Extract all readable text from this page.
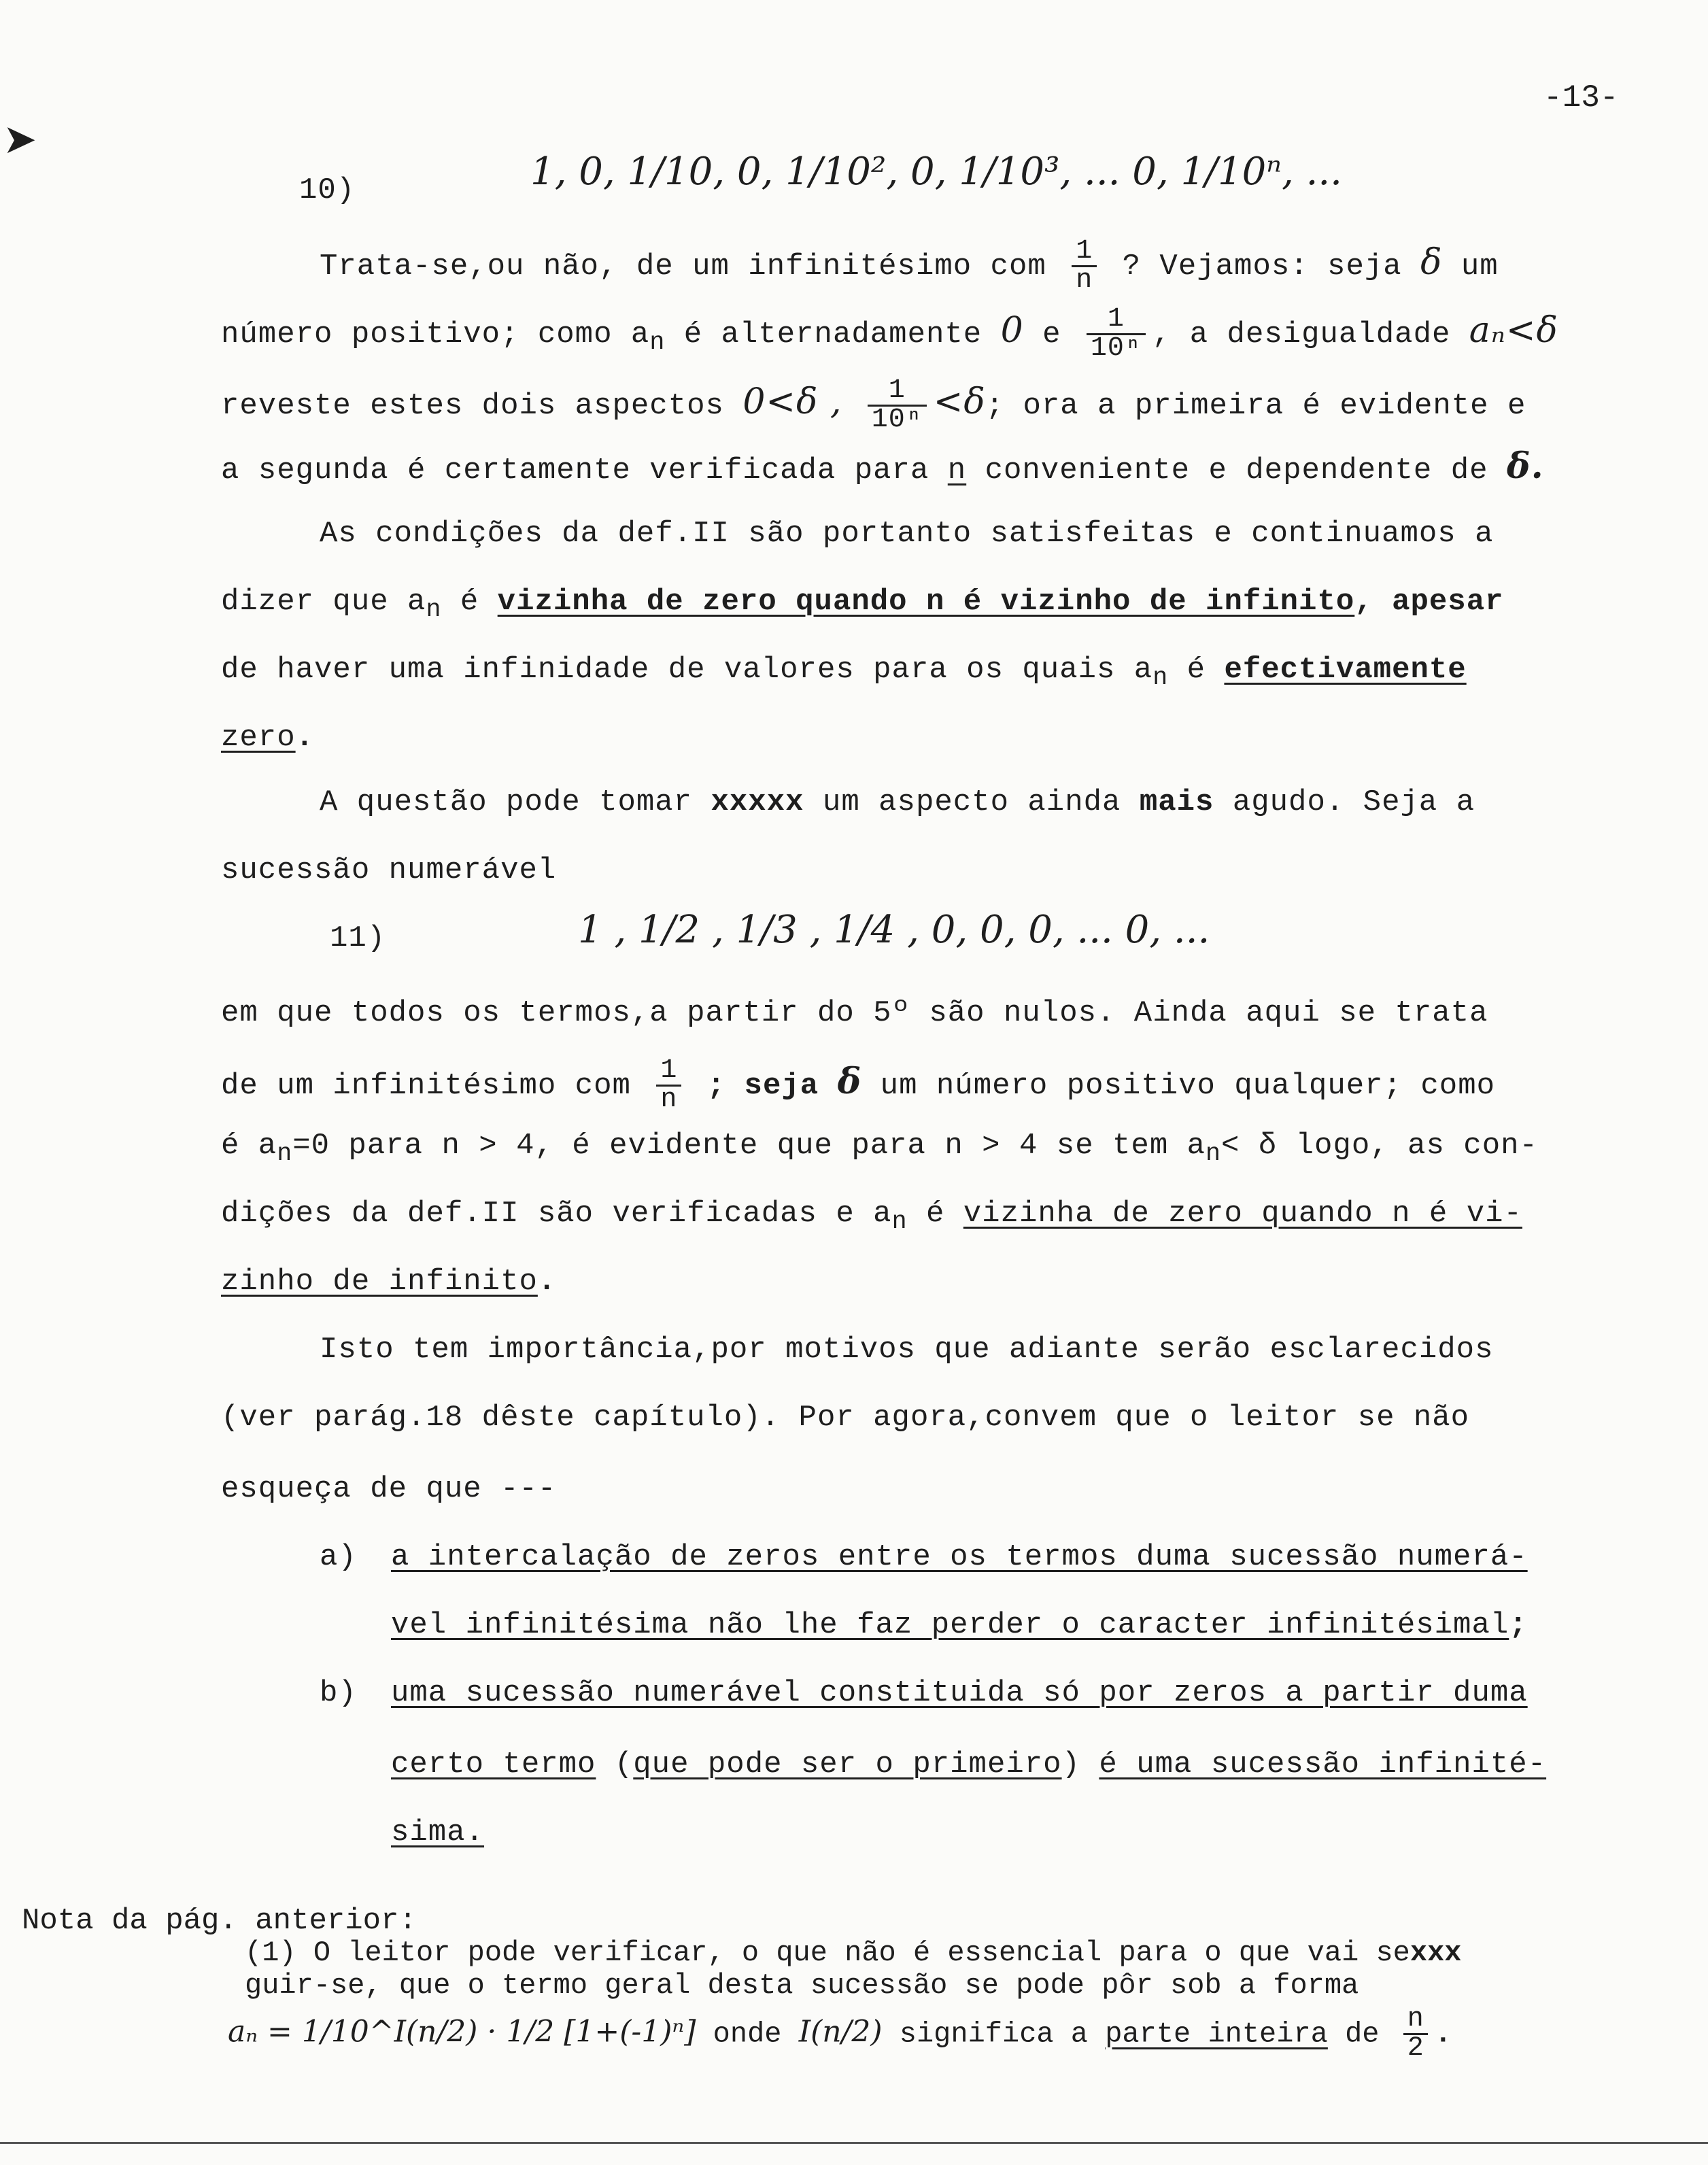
➤
-13-
10)	1, 0, 1/10, 0, 1/10², 0, 1/10³, ... 0, 1/10ⁿ, ...
Trata-se,ou não, de um infinitésimo com $\frac{1}{n}$ ? Vejamos: seja δ um
número positivo; como $a_n$ é alternadamente 0 e $\frac{1}{\text{10ⁿ}}$ , a desigualdade aₙ<δ
reveste estes dois aspectos 0<δ , $\frac{1}{\text{10ⁿ}} <\delta$; ora a primeira é evidente e
a segunda é certamente verificada para n conveniente e dependente de δ.
As condições da def.II são portanto satisfeitas e continuamos a
dizer que $a_n$ é vizinha de zero quando n é vizinho de infinito, apesar
de haver uma infinidade de valores para os quais $a_n$ é efectivamente
zero.
A questão pode tomar xxxxx um aspecto ainda mais agudo. Seja a
sucessão numerável
11)	1 , 1/2 , 1/3 , 1/4 , 0, 0, 0, ... 0, ...
em que todos os termos,a partir do 5º são nulos. Ainda aqui se trata
de um infinitésimo com $\frac{1}{n}$ ; seja δ um número positivo qualquer; como
é $a_n=0$ para n > 4, é evidente que para n > 4 se tem $a_n< \delta$ logo, as con-
dições da def.II são verificadas e $a_n$ é vizinha de zero quando n é vi-
zinho de infinito.
Isto tem importância,por motivos que adiante serão esclarecidos
(ver parág.18 dêste capítulo). Por agora,convem que o leitor se não
esqueça de que ---
a) a intercalação de zeros entre os termos duma sucessão numerá-
vel infinitésima não lhe faz perder o caracter infinitésimal;
b) uma sucessão numerável constituida só por zeros a partir duma
certo termo (que pode ser o primeiro) é uma sucessão infinité-
sima.
Nota da pág. anterior:
(1) O leitor pode verificar, o que não é essencial para o que vai sexxx
guir-se, que o termo geral desta sucessão se pode pôr sob a forma
aₙ = 1/10^I(n/2) · 1/2 [1+(-1)ⁿ] onde I(n/2) significa a parte inteira de $\frac{n}{2}$ .
